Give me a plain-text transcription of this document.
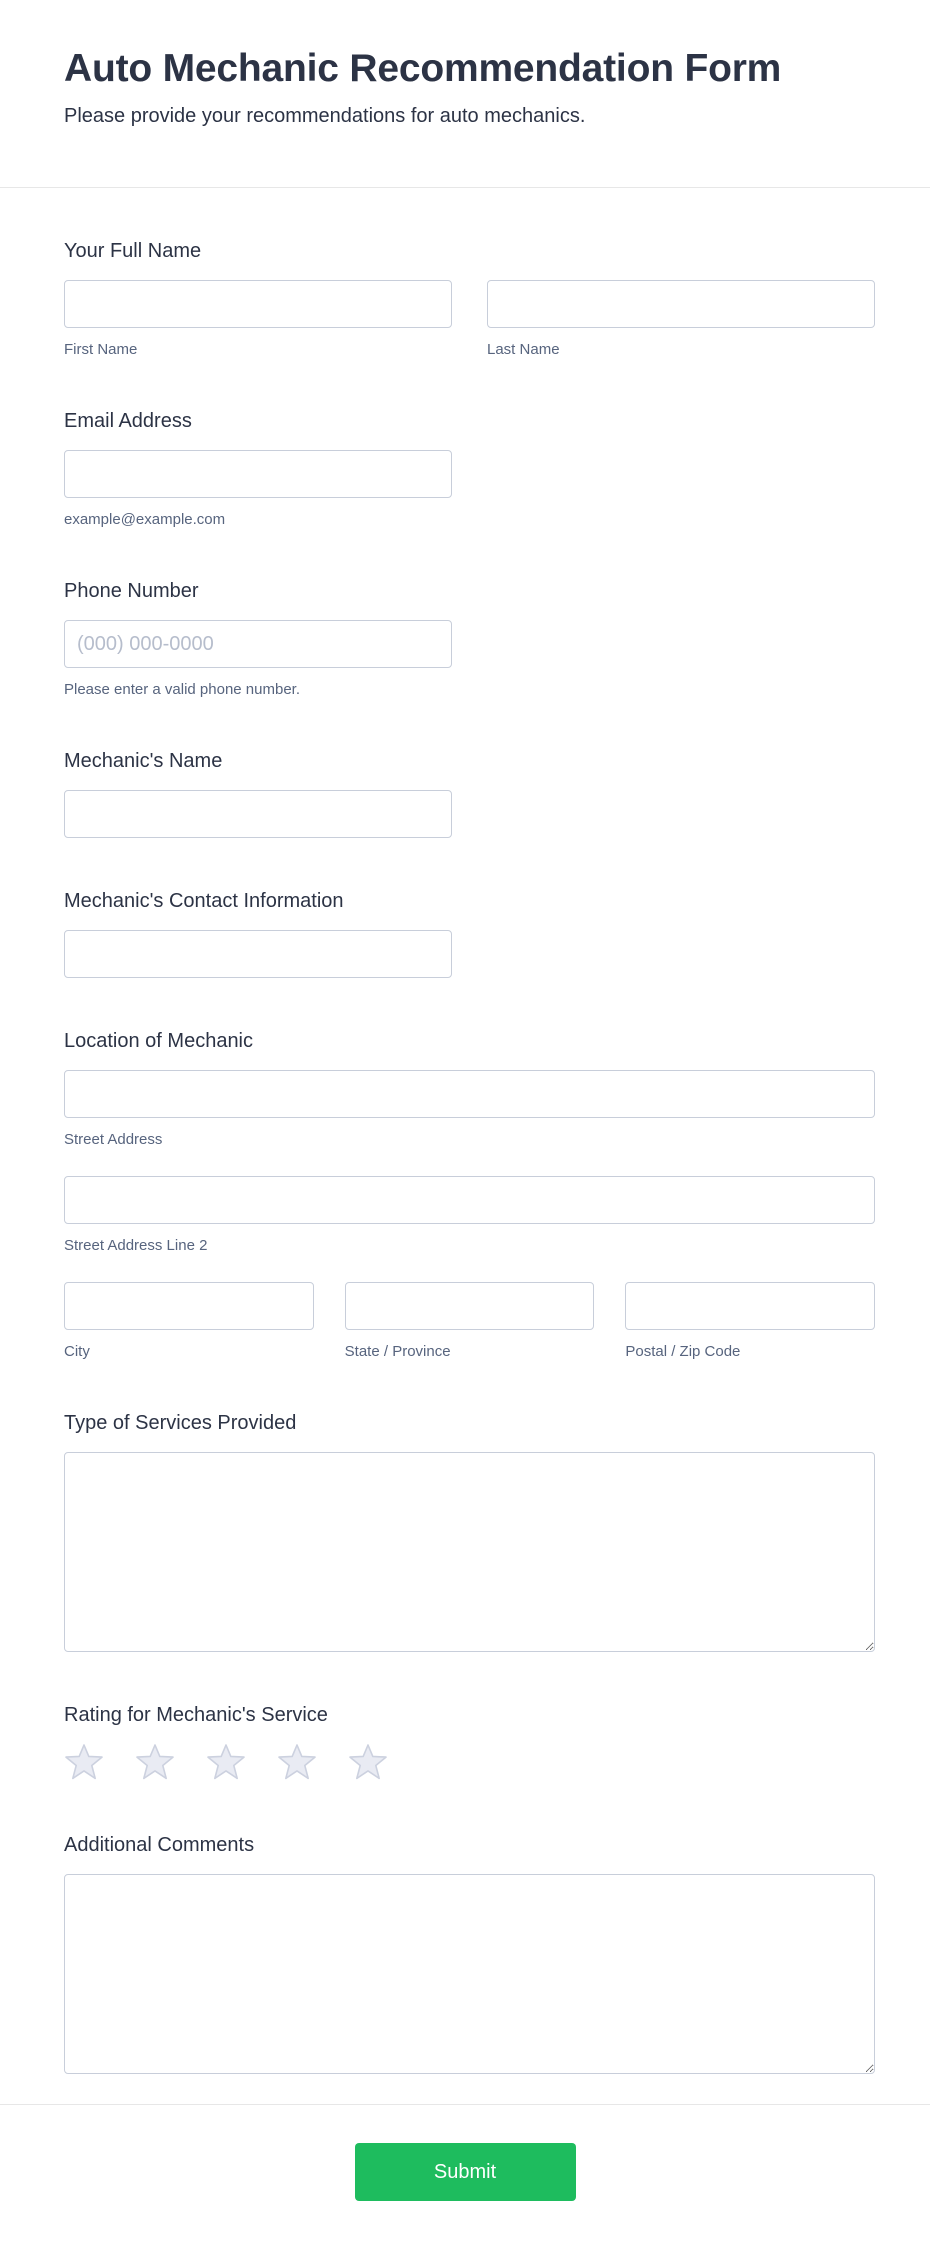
Auto Mechanic Recommendation Form

Please provide your recommendations for auto mechanics.

Your Full Name
First Name	Last Name
Email Address
example@example.com
Phone Number
(000) 000-0000
Please enter a valid phone number.
Mechanic's Name
Mechanic's Contact Information
Location of Mechanic
Street Address
Street Address Line 2
City	State / Province	Postal / Zip Code
Type of Services Provided
Rating for Mechanic's Service
Additional Comments
Submit
